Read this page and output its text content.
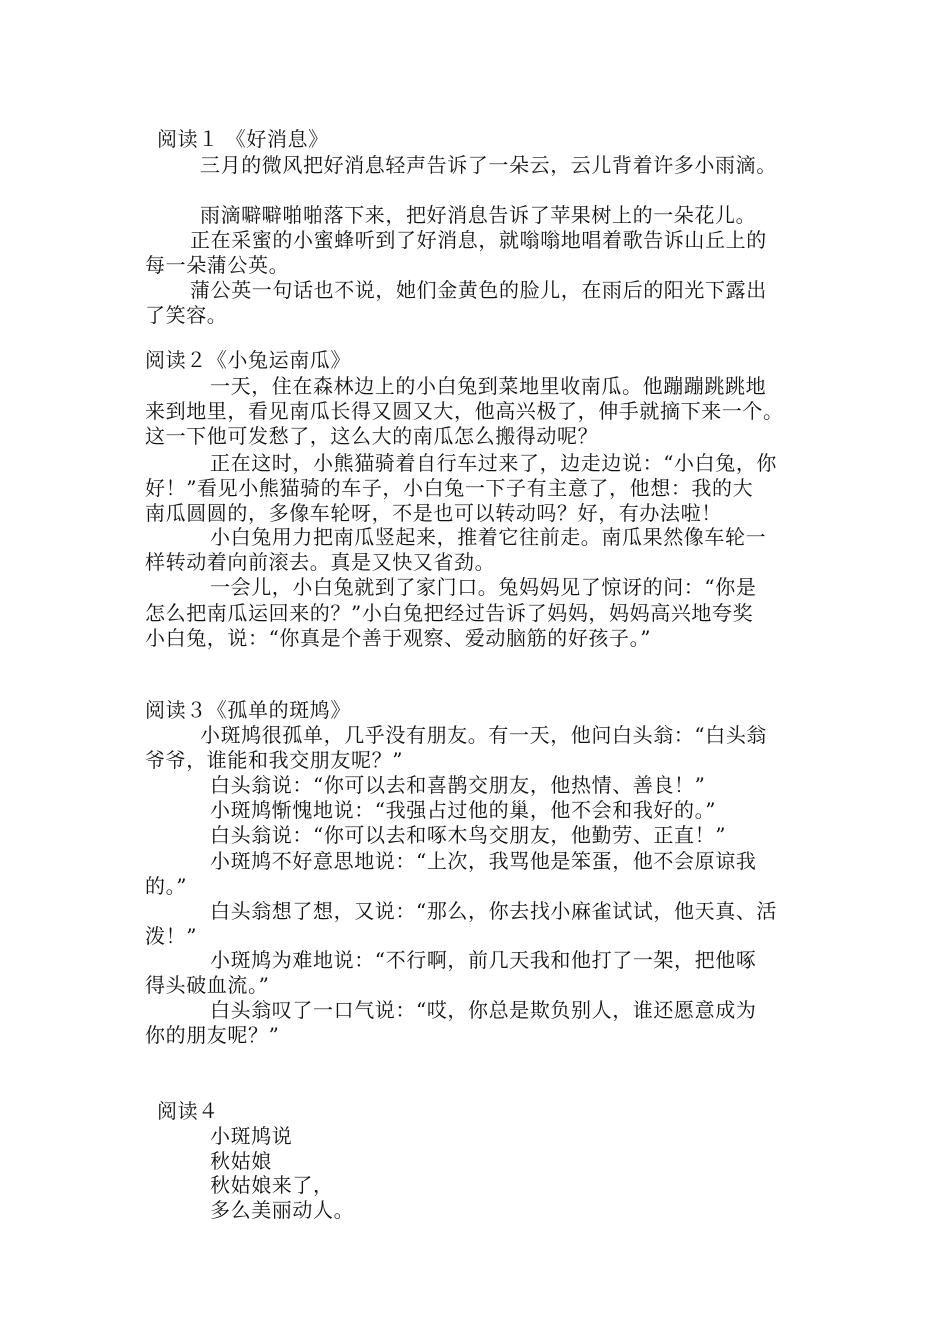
阅读１ 《好消息》
三月的微风把好消息轻声告诉了一朵云，云儿背着许多小雨滴。
雨滴噼噼啪啪落下来，把好消息告诉了苹果树上的一朵花儿。
正在采蜜的小蜜蜂听到了好消息，就嗡嗡地唱着歌告诉山丘上的
每一朵蒲公英。
蒲公英一句话也不说，她们金黄色的脸儿，在雨后的阳光下露出
了笑容。
阅读２《小兔运南瓜》
一天，住在森林边上的小白兔到菜地里收南瓜。他蹦蹦跳跳地
来到地里，看见南瓜长得又圆又大，他高兴极了，伸手就摘下来一个。
这一下他可发愁了，这么大的南瓜怎么搬得动呢？
正在这时，小熊猫骑着自行车过来了，边走边说：“小白兔，你
好！”看见小熊猫骑的车子，小白兔一下子有主意了，他想：我的大
南瓜圆圆的，多像车轮呀，不是也可以转动吗？好，有办法啦！
小白兔用力把南瓜竖起来，推着它往前走。南瓜果然像车轮一
样转动着向前滚去。真是又快又省劲。
一会儿，小白兔就到了家门口。兔妈妈见了惊讶的问：“你是
怎么把南瓜运回来的？”小白兔把经过告诉了妈妈，妈妈高兴地夸奖
小白兔，说：“你真是个善于观察、爱动脑筋的好孩子。”
阅读３《孤单的斑鸠》
小斑鸠很孤单，几乎没有朋友。有一天，他问白头翁：“白头翁
爷爷，谁能和我交朋友呢？”
白头翁说：“你可以去和喜鹊交朋友，他热情、善良！”
小斑鸠惭愧地说：“我强占过他的巢，他不会和我好的。”
白头翁说：“你可以去和啄木鸟交朋友，他勤劳、正直！”
小斑鸠不好意思地说：“上次，我骂他是笨蛋，他不会原谅我
的。”
白头翁想了想，又说：“那么，你去找小麻雀试试，他天真、活
泼！”
小斑鸠为难地说：“不行啊，前几天我和他打了一架，把他啄
得头破血流。”
白头翁叹了一口气说：“哎，你总是欺负别人，谁还愿意成为
你的朋友呢？”
阅读４
小斑鸠说
秋姑娘
秋姑娘来了，
多么美丽动人。
